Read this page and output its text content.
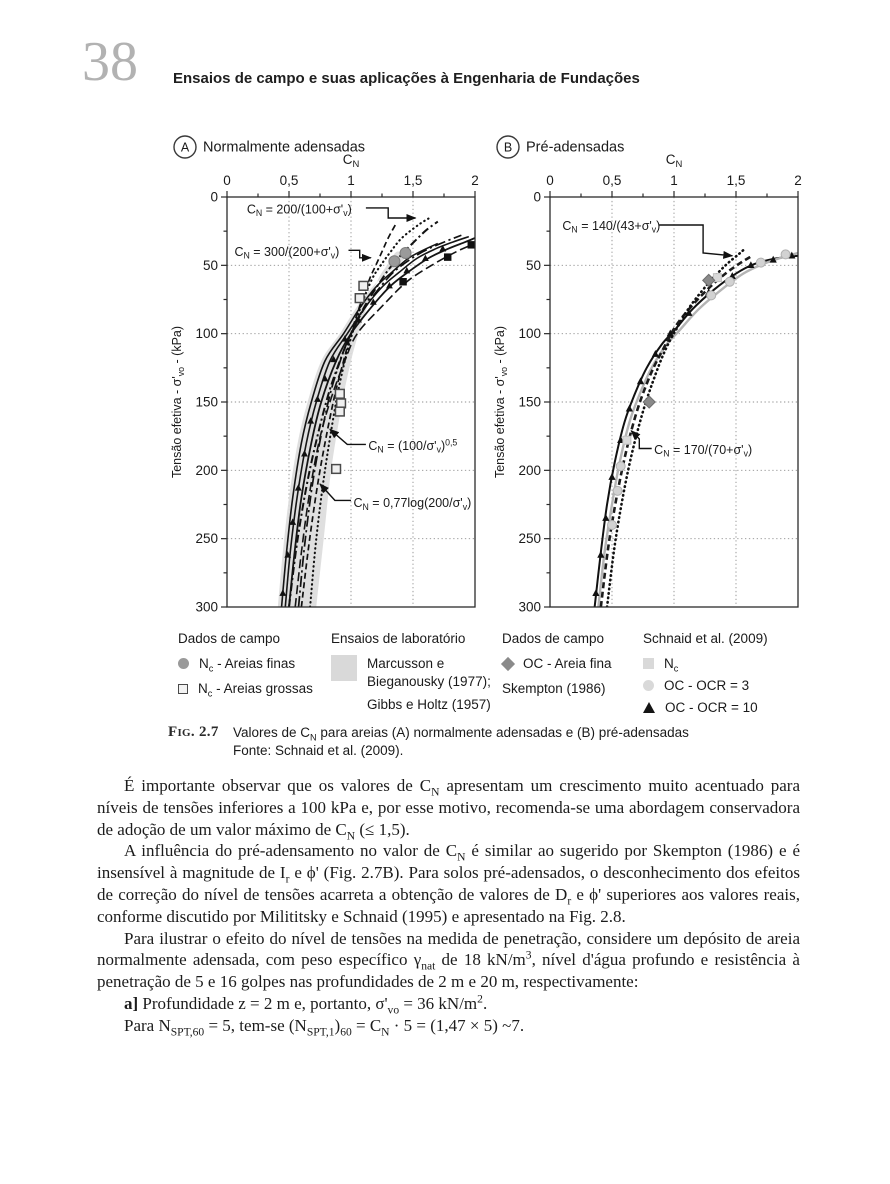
38 Ensaios de campo e suas aplicações à Engenharia de Fundações
A Normalmente adensadas
0	0,5	1	1,5	2
0
50
100
150
200
250
300
$C_N$
Tensão efetiva - $\sigma'_{vo} - (kPa)$
$C_N = 200/(100+\sigma'_v)$
$C_N = 300/(200+\sigma'_v)$
$C_N = (100/\sigma'_v)^{0,5}$
$C_N = 0,77\log(200/\sigma'_v)$
B Pré-adensadas
0	0,5	1	1,5	2
0
50
100
150
200
250
300
$C_N$
Tensão efetiva - $\sigma'_{vo} - (kPa)$
$C_N = 140/(43+\sigma'_v)$
$C_N = 170/(70+\sigma'_v)$
Dados de campo
$N_c$ - Areias finas
$N_c$ - Areias grossas
Ensaios de laboratório
Marcusson e
Bieganousky (1977);
Gibbs e Holtz (1957)
Dados de campo
OC - Areia fina
Skempton (1986)
Schnaid et al. (2009)
$N_c$
OC - OCR = 3
OC - OCR = 10
Fig. 2.7	Valores de $C_N$ para areias (A) normalmente adensadas e (B) pré-adensadas
Fonte: Schnaid et al. (2009).

É importante observar que os valores de $C_N$ apresentam um crescimento muito acentuado para níveis de tensões inferiores a 100 kPa e, por esse motivo, recomenda-se uma abordagem conservadora de adoção de um valor máximo de $C_N$ (≤ 1,5).

A influência do pré-adensamento no valor de $C_N$ é similar ao sugerido por Skempton (1986) e é insensível à magnitude de $I_r$ e ϕ' (Fig. 2.7B). Para solos pré-adensados, o desconhecimento dos efeitos de correção do nível de tensões acarreta a obtenção de valores de $D_r$ e ϕ' superiores aos valores reais, conforme discutido por Milititsky e Schnaid (1995) e apresentado na Fig. 2.8.

Para ilustrar o efeito do nível de tensões na medida de penetração, considere um depósito de areia normalmente adensada, com peso específico $\gamma_{nat}$ de 18 $kN/m^3$, nível d'água profundo e resistência à penetração de 5 e 16 golpes nas profundidades de 2 m e 20 m, respectivamente:

a] Profundidade z = 2 m e, portanto, $\sigma'_{vo} = 36$ $kN/m^2$.

Para $N_{SPT,60} = 5$, tem-se $(N_{SPT,1})_{60} = C_N \cdot 5 = (1,47 \times 5)$ ~7.
